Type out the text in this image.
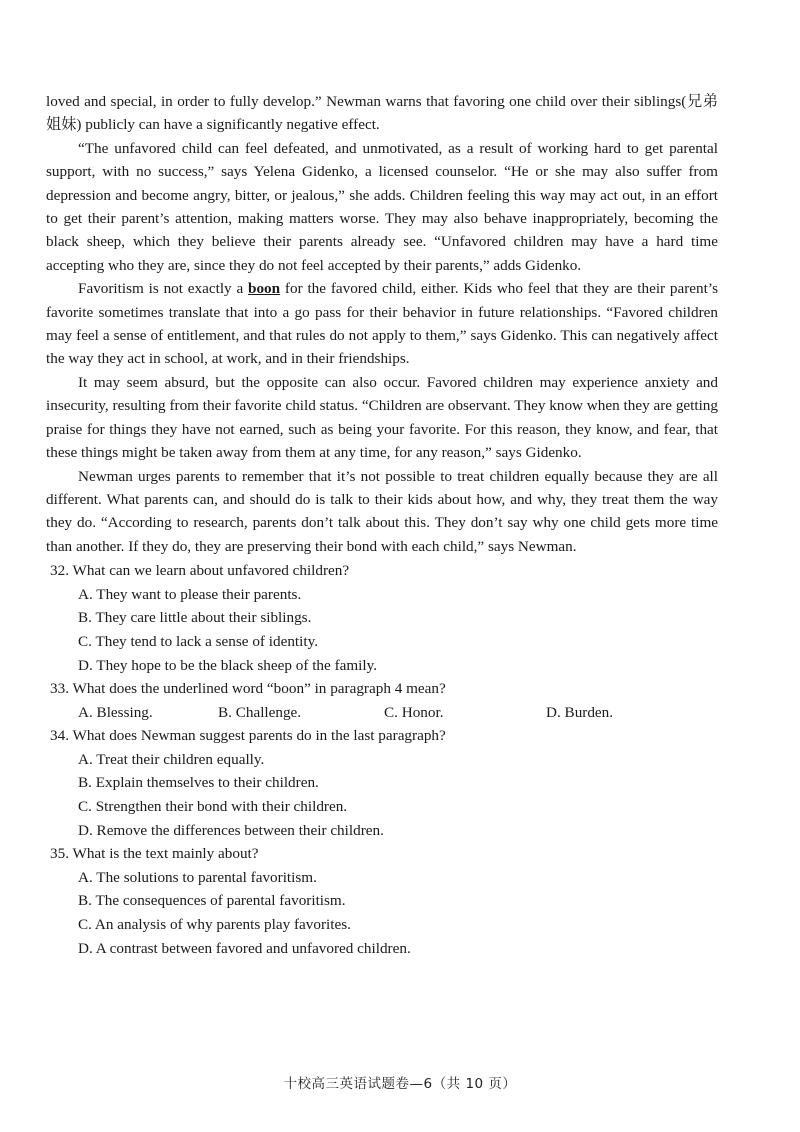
loved and special, in order to fully develop.” Newman warns that favoring one child over their siblings(兄弟姐妹) publicly can have a significantly negative effect.

“The unfavored child can feel defeated, and unmotivated, as a result of working hard to get parental support, with no success,” says Yelena Gidenko, a licensed counselor. “He or she may also suffer from depression and become angry, bitter, or jealous,” she adds. Children feeling this way may act out, in an effort to get their parent’s attention, making matters worse. They may also behave inappropriately, becoming the black sheep, which they believe their parents already see. “Unfavored children may have a hard time accepting who they are, since they do not feel accepted by their parents,” adds Gidenko.

Favoritism is not exactly a boon for the favored child, either. Kids who feel that they are their parent’s favorite sometimes translate that into a go pass for their behavior in future relationships. “Favored children may feel a sense of entitlement, and that rules do not apply to them,” says Gidenko. This can negatively affect the way they act in school, at work, and in their friendships.

It may seem absurd, but the opposite can also occur. Favored children may experience anxiety and insecurity, resulting from their favorite child status. “Children are observant. They know when they are getting praise for things they have not earned, such as being your favorite. For this reason, they know, and fear, that these things might be taken away from them at any time, for any reason,” says Gidenko.

Newman urges parents to remember that it’s not possible to treat children equally because they are all different. What parents can, and should do is talk to their kids about how, and why, they treat them the way they do. “According to research, parents don’t talk about this. They don’t say why one child gets more time than another. If they do, they are preserving their bond with each child,” says Newman.

32. What can we learn about unfavored children?

A. They want to please their parents.

B. They care little about their siblings.

C. They tend to lack a sense of identity.

D. They hope to be the black sheep of the family.

33. What does the underlined word “boon” in paragraph 4 mean?

A. Blessing.	B. Challenge.	C. Honor.	D. Burden.

34. What does Newman suggest parents do in the last paragraph?

A. Treat their children equally.

B. Explain themselves to their children.

C. Strengthen their bond with their children.

D. Remove the differences between their children.

35. What is the text mainly about?

A. The solutions to parental favoritism.

B. The consequences of parental favoritism.

C. An analysis of why parents play favorites.

D. A contrast between favored and unfavored children.

十校高三英语试题卷—6（共 10 页）
